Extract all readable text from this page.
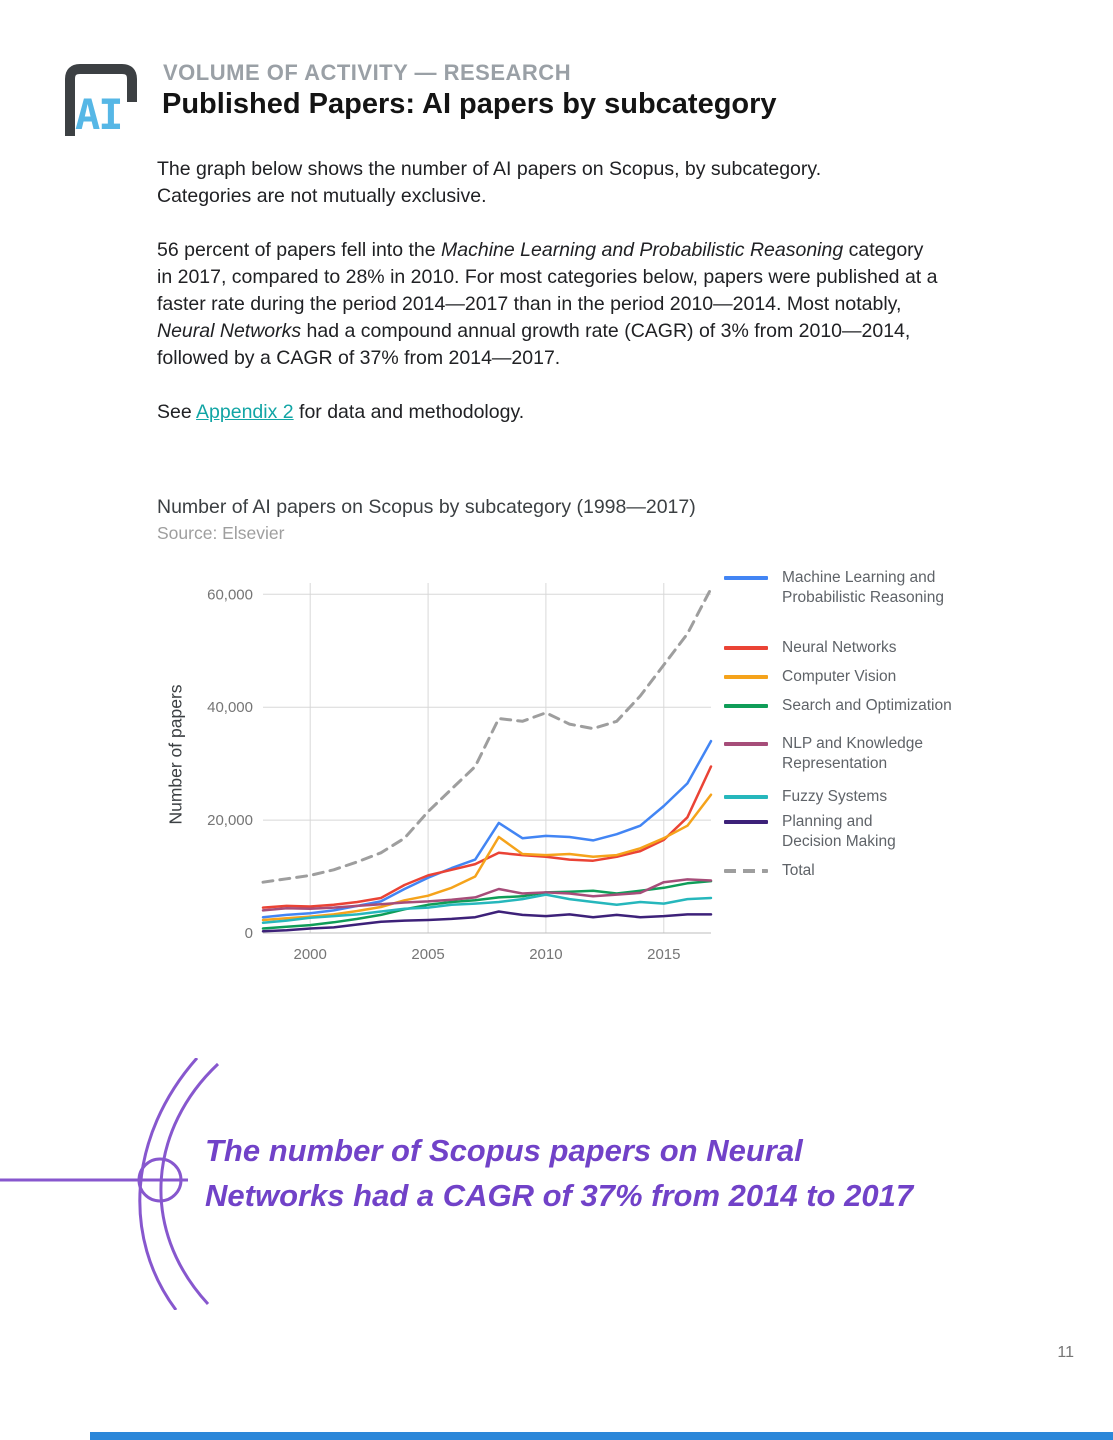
AI
VOLUME OF ACTIVITY — RESEARCH
Published Papers: AI papers by subcategory

The graph below shows the number of AI papers on Scopus, by subcategory. Categories are not mutually exclusive.

56 percent of papers fell into the Machine Learning and Probabilistic Reasoning category in 2017, compared to 28% in 2010. For most categories below, papers were published at a faster rate during the period 2014—2017 than in the period 2010—2014. Most notably, Neural Networks had a compound annual growth rate (CAGR) of 3% from 2010—2014, followed by a CAGR of 37% from 2014—2017.

See Appendix 2 for data and methodology.

Number of AI papers on Scopus by subcategory (1998—2017)
Source: Elsevier
Number of papers
0
20,000
40,000
60,000
2000	2005	2010	2015
Machine Learning and
Probabilistic Reasoning
Neural Networks
Computer Vision
Search and Optimization
NLP and Knowledge
Representation
Fuzzy Systems
Planning and
Decision Making
Total
The number of Scopus papers on Neural
Networks had a CAGR of 37% from 2014 to 2017
11
